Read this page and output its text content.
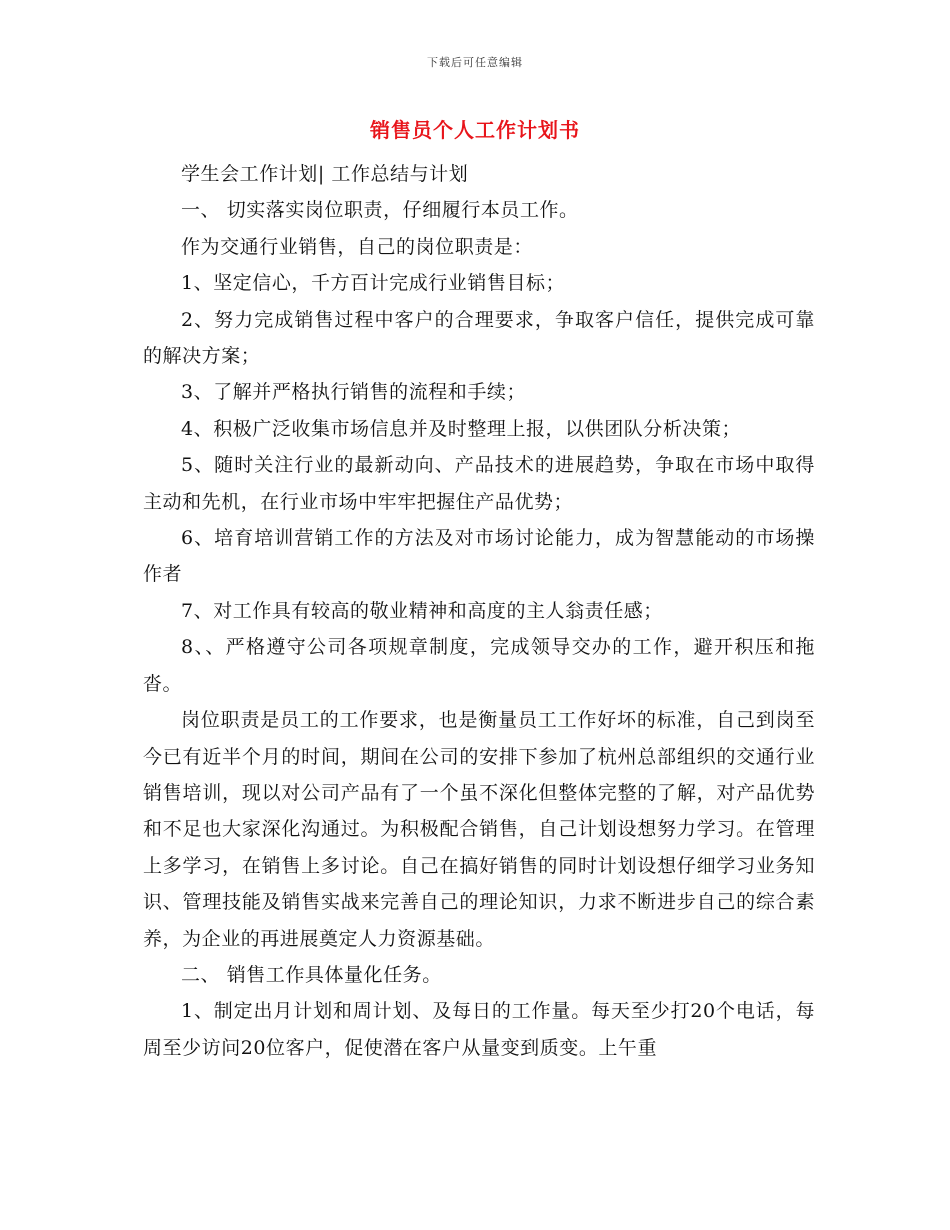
下载后可任意编辑
销售员个人工作计划书

学生会工作计划| 工作总结与计划

一、 切实落实岗位职责，仔细履行本员工作。

作为交通行业销售，自己的岗位职责是：

1、坚定信心，千方百计完成行业销售目标；

2、努力完成销售过程中客户的合理要求，争取客户信任，提供完成可靠的解决方案；

3、了解并严格执行销售的流程和手续；

4、积极广泛收集市场信息并及时整理上报，以供团队分析决策；

5、随时关注行业的最新动向、产品技术的进展趋势，争取在市场中取得主动和先机，在行业市场中牢牢把握住产品优势；

6、培育培训营销工作的方法及对市场讨论能力，成为智慧能动的市场操作者

7、对工作具有较高的敬业精神和高度的主人翁责任感；

8、、严格遵守公司各项规章制度，完成领导交办的工作，避开积压和拖沓。

岗位职责是员工的工作要求，也是衡量员工工作好坏的标准，自己到岗至今已有近半个月的时间，期间在公司的安排下参加了杭州总部组织的交通行业销售培训，现以对公司产品有了一个虽不深化但整体完整的了解，对产品优势和不足也大家深化沟通过。为积极配合销售，自己计划设想努力学习。在管理上多学习，在销售上多讨论。自己在搞好销售的同时计划设想仔细学习业务知识、管理技能及销售实战来完善自己的理论知识，力求不断进步自己的综合素养，为企业的再进展奠定人力资源基础。

二、 销售工作具体量化任务。

1、制定出月计划和周计划、及每日的工作量。每天至少打20个电话，每周至少访问20位客户，促使潜在客户从量变到质变。上午重
